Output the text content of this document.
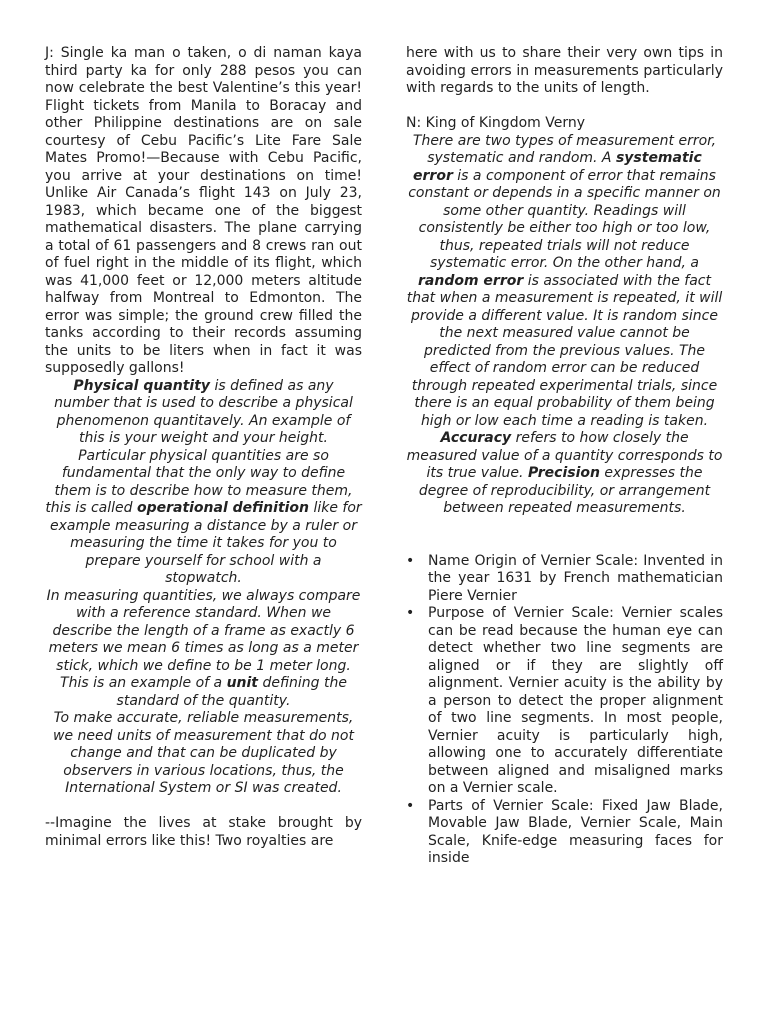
J: Single ka man o taken, o di naman kaya third party ka for only 288 pesos you can now celebrate the best Valentine’s this year! Flight tickets from Manila to Boracay and other Philippine destinations are on sale courtesy of Cebu Pacific’s Lite Fare Sale Mates Promo!—Because with Cebu Pacific, you arrive at your destinations on time! Unlike Air Canada’s flight 143 on July 23, 1983, which became one of the biggest mathematical disasters. The plane carrying a total of 61 passengers and 8 crews ran out of fuel right in the middle of its flight, which was 41,000 feet or 12,000 meters altitude halfway from Montreal to Edmonton. The error was simple; the ground crew filled the tanks according to their records assuming the units to be liters when in fact it was supposedly gallons!

Physical quantity is defined as any number that is used to describe a physical phenomenon quantitavely. An example of this is your weight and your height. Particular physical quantities are so fundamental that the only way to define them is to describe how to measure them, this is called operational definition like for example measuring a distance by a ruler or measuring the time it takes for you to prepare yourself for school with a stopwatch.

In measuring quantities, we always compare with a reference standard. When we describe the length of a frame as exactly 6 meters we mean 6 times as long as a meter stick, which we define to be 1 meter long. This is an example of a unit defining the standard of the quantity.

To make accurate, reliable measurements, we need units of measurement that do not change and that can be duplicated by observers in various locations, thus, the International System or SI was created.

--Imagine the lives at stake brought by minimal errors like this! Two royalties are

here with us to share their very own tips in avoiding errors in measurements particularly with regards to the units of length.

N: King of Kingdom Verny

There are two types of measurement error, systematic and random. A systematic error is a component of error that remains constant or depends in a specific manner on some other quantity. Readings will consistently be either too high or too low, thus, repeated trials will not reduce systematic error. On the other hand, a random error is associated with the fact that when a measurement is repeated, it will provide a different value. It is random since the next measured value cannot be predicted from the previous values. The effect of random error can be reduced through repeated experimental trials, since there is an equal probability of them being high or low each time a reading is taken.

Accuracy refers to how closely the measured value of a quantity corresponds to

its true value. Precision expresses the degree of reproducibility, or arrangement between repeated measurements.

• Name Origin of Vernier Scale: Invented in the year 1631 by French mathematician Piere Vernier
• Purpose of Vernier Scale: Vernier scales can be read because the human eye can detect whether two line segments are aligned or if they are slightly off alignment. Vernier acuity is the ability by a person to detect the proper alignment of two line segments. In most people, Vernier acuity is particularly high, allowing one to accurately differentiate between aligned and misaligned marks on a Vernier scale.
• Parts of Vernier Scale: Fixed Jaw Blade, Movable Jaw Blade, Vernier Scale, Main Scale, Knife-edge measuring faces for inside
